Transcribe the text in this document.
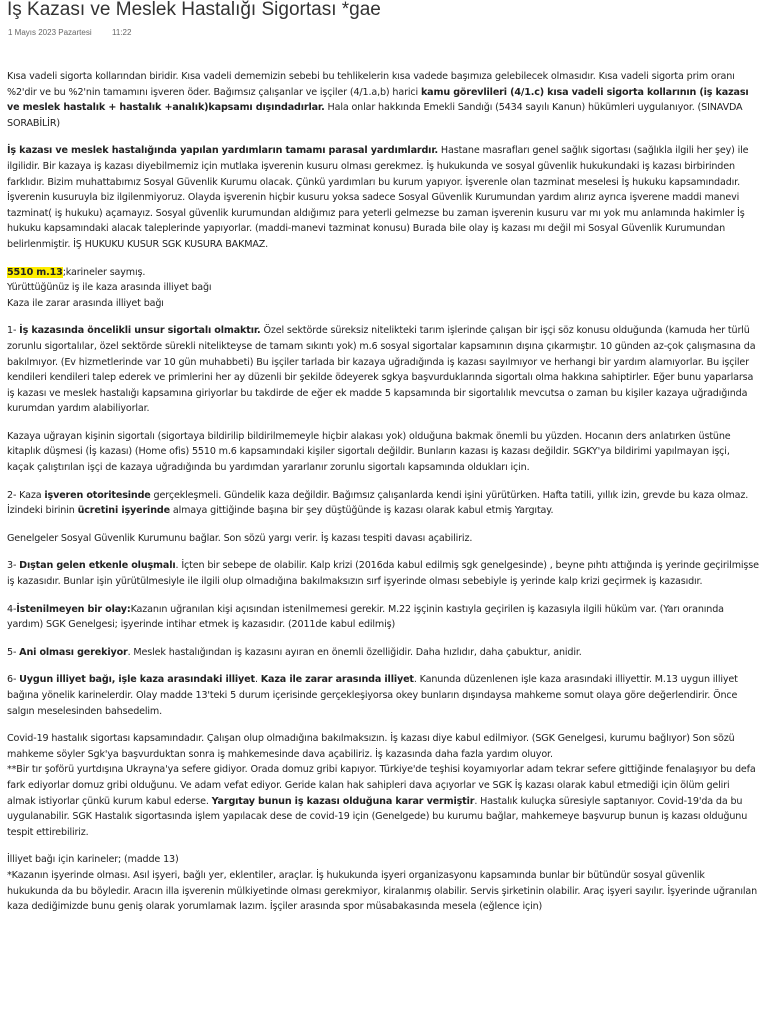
İş Kazası ve Meslek Hastalığı Sigortası *gae
1 Mayıs 2023 Pazartesi	11:22

Kısa vadeli sigorta kollarından biridir. Kısa vadeli dememizin sebebi bu tehlikelerin kısa vadede başımıza gelebilecek olmasıdır. Kısa vadeli sigorta prim oranı %2'dir ve bu %2'nin tamamını işveren öder. Bağımsız çalışanlar ve işçiler (4/1.a,b) harici kamu görevlileri (4/1.c) kısa vadeli sigorta kollarının (iş kazası ve meslek hastalık + hastalık +analık)kapsamı dışındadırlar. Hala onlar hakkında Emekli Sandığı (5434 sayılı Kanun) hükümleri uygulanıyor. (SINAVDA SORABİLİR)

İş kazası ve meslek hastalığında yapılan yardımların tamamı parasal yardımlardır. Hastane masrafları genel sağlık sigortası (sağlıkla ilgili her şey) ile ilgilidir. Bir kazaya iş kazası diyebilmemiz için mutlaka işverenin kusuru olması gerekmez. İş hukukunda ve sosyal güvenlik hukukundaki iş kazası birbirinden farklıdır. Bizim muhattabımız Sosyal Güvenlik Kurumu olacak. Çünkü yardımları bu kurum yapıyor. İşverenle olan tazminat meselesi İş hukuku kapsamındadır. İşverenin kusuruyla biz ilgilenmiyoruz. Olayda işverenin hiçbir kusuru yoksa sadece Sosyal Güvenlik Kurumundan yardım alırız ayrıca işverene maddi manevi tazminat( iş hukuku) açamayız. Sosyal güvenlik kurumundan aldığımız para yeterli gelmezse bu zaman işverenin kusuru var mı yok mu anlamında hakimler İş hukuku kapsamındaki alacak taleplerinde yapıyorlar. (maddi-manevi tazminat konusu) Burada bile olay iş kazası mı değil mi Sosyal Güvenlik Kurumundan belirlenmiştir. İŞ HUKUKU KUSUR SGK KUSURA BAKMAZ.

5510 m.13;karineler saymış.

Yürüttüğünüz iş ile kaza arasında illiyet bağı

Kaza ile zarar arasında illiyet bağı

1- İş kazasında öncelikli unsur sigortalı olmaktır. Özel sektörde süreksiz nitelikteki tarım işlerinde çalışan bir işçi söz konusu olduğunda (kamuda her türlü zorunlu sigortalılar, özel sektörde sürekli nitelikteyse de tamam sıkıntı yok) m.6 sosyal sigortalar kapsamının dışına çıkarmıştır. 10 günden az-çok çalışmasına da bakılmıyor. (Ev hizmetlerinde var 10 gün muhabbeti) Bu işçiler tarlada bir kazaya uğradığında iş kazası sayılmıyor ve herhangi bir yardım alamıyorlar. Bu işçiler kendileri kendileri talep ederek ve primlerini her ay düzenli bir şekilde ödeyerek sgkya başvurduklarında sigortalı olma hakkına sahiptirler. Eğer bunu yaparlarsa iş kazası ve meslek hastalığı kapsamına giriyorlar bu takdirde de eğer ek madde 5 kapsamında bir sigortalılık mevcutsa o zaman bu kişiler kazaya uğradığında kurumdan yardım alabiliyorlar.

Kazaya uğrayan kişinin sigortalı (sigortaya bildirilip bildirilmemeyle hiçbir alakası yok) olduğuna bakmak önemli bu yüzden. Hocanın ders anlatırken üstüne kitaplık düşmesi (İş kazası) (Home ofis) 5510 m.6 kapsamındaki kişiler sigortalı değildir. Bunların kazası iş kazası değildir. SGKY'ya bildirimi yapılmayan işçi, kaçak çalıştırılan işçi de kazaya uğradığında bu yardımdan yararlanır zorunlu sigortalı kapsamında oldukları için.

2- Kaza işveren otoritesinde gerçekleşmeli. Gündelik kaza değildir. Bağımsız çalışanlarda kendi işini yürütürken. Hafta tatili, yıllık izin, grevde bu kaza olmaz. İzindeki birinin ücretini işyerinde almaya gittiğinde başına bir şey düştüğünde iş kazası olarak kabul etmiş Yargıtay.

Genelgeler Sosyal Güvenlik Kurumunu bağlar. Son sözü yargı verir. İş kazası tespiti davası açabiliriz.

3- Dıştan gelen etkenle oluşmalı. İçten bir sebepe de olabilir. Kalp krizi (2016da kabul edilmiş sgk genelgesinde) , beyne pıhtı attığında iş yerinde geçirilmişse iş kazasıdır. Bunlar işin yürütülmesiyle ile ilgili olup olmadığına bakılmaksızın sırf işyerinde olması sebebiyle iş yerinde kalp krizi geçirmek iş kazasıdır.

4-İstenilmeyen bir olay:Kazanın uğranılan kişi açısından istenilmemesi gerekir. M.22 işçinin kastıyla geçirilen iş kazasıyla ilgili hüküm var. (Yarı oranında yardım) SGK Genelgesi; işyerinde intihar etmek iş kazasıdır. (2011de kabul edilmiş)

5- Ani olması gerekiyor. Meslek hastalığından iş kazasını ayıran en önemli özelliğidir. Daha hızlıdır, daha çabuktur, anidir.

6- Uygun illiyet bağı, işle kaza arasındaki illiyet. Kaza ile zarar arasında illiyet. Kanunda düzenlenen işle kaza arasındaki illiyettir. M.13 uygun illiyet bağına yönelik karinelerdir. Olay madde 13'teki 5 durum içerisinde gerçekleşiyorsa okey bunların dışındaysa mahkeme somut olaya göre değerlendirir. Önce salgın meselesinden bahsedelim.

Covid-19 hastalık sigortası kapsamındadır. Çalışan olup olmadığına bakılmaksızın. İş kazası diye kabul edilmiyor. (SGK Genelgesi, kurumu bağlıyor) Son sözü mahkeme söyler Sgk'ya başvurduktan sonra iş mahkemesinde dava açabiliriz. İş kazasında daha fazla yardım oluyor.

**Bir tır şoförü yurtdışına Ukrayna'ya sefere gidiyor. Orada domuz gribi kapıyor. Türkiye'de teşhisi koyamıyorlar adam tekrar sefere gittiğinde fenalaşıyor bu defa fark ediyorlar domuz gribi olduğunu. Ve adam vefat ediyor. Geride kalan hak sahipleri dava açıyorlar ve SGK İş kazası olarak kabul etmediği için ölüm geliri almak istiyorlar çünkü kurum kabul ederse. Yargıtay bunun iş kazası olduğuna karar vermiştir. Hastalık kuluçka süresiyle saptanıyor. Covid-19'da da bu uygulanabilir. SGK Hastalık sigortasında işlem yapılacak dese de covid-19 için (Genelgede) bu kurumu bağlar, mahkemeye başvurup bunun iş kazası olduğunu tespit ettirebiliriz.

İlliyet bağı için karineler; (madde 13)

*Kazanın işyerinde olması. Asıl işyeri, bağlı yer, eklentiler, araçlar. İş hukukunda işyeri organizasyonu kapsamında bunlar bir bütündür sosyal güvenlik hukukunda da bu böyledir. Aracın illa işverenin mülkiyetinde olması gerekmiyor, kiralanmış olabilir. Servis şirketinin olabilir. Araç işyeri sayılır. İşyerinde uğranılan kaza dediğimizde bunu geniş olarak yorumlamak lazım. İşçiler arasında spor müsabakasında mesela (eğlence için)
